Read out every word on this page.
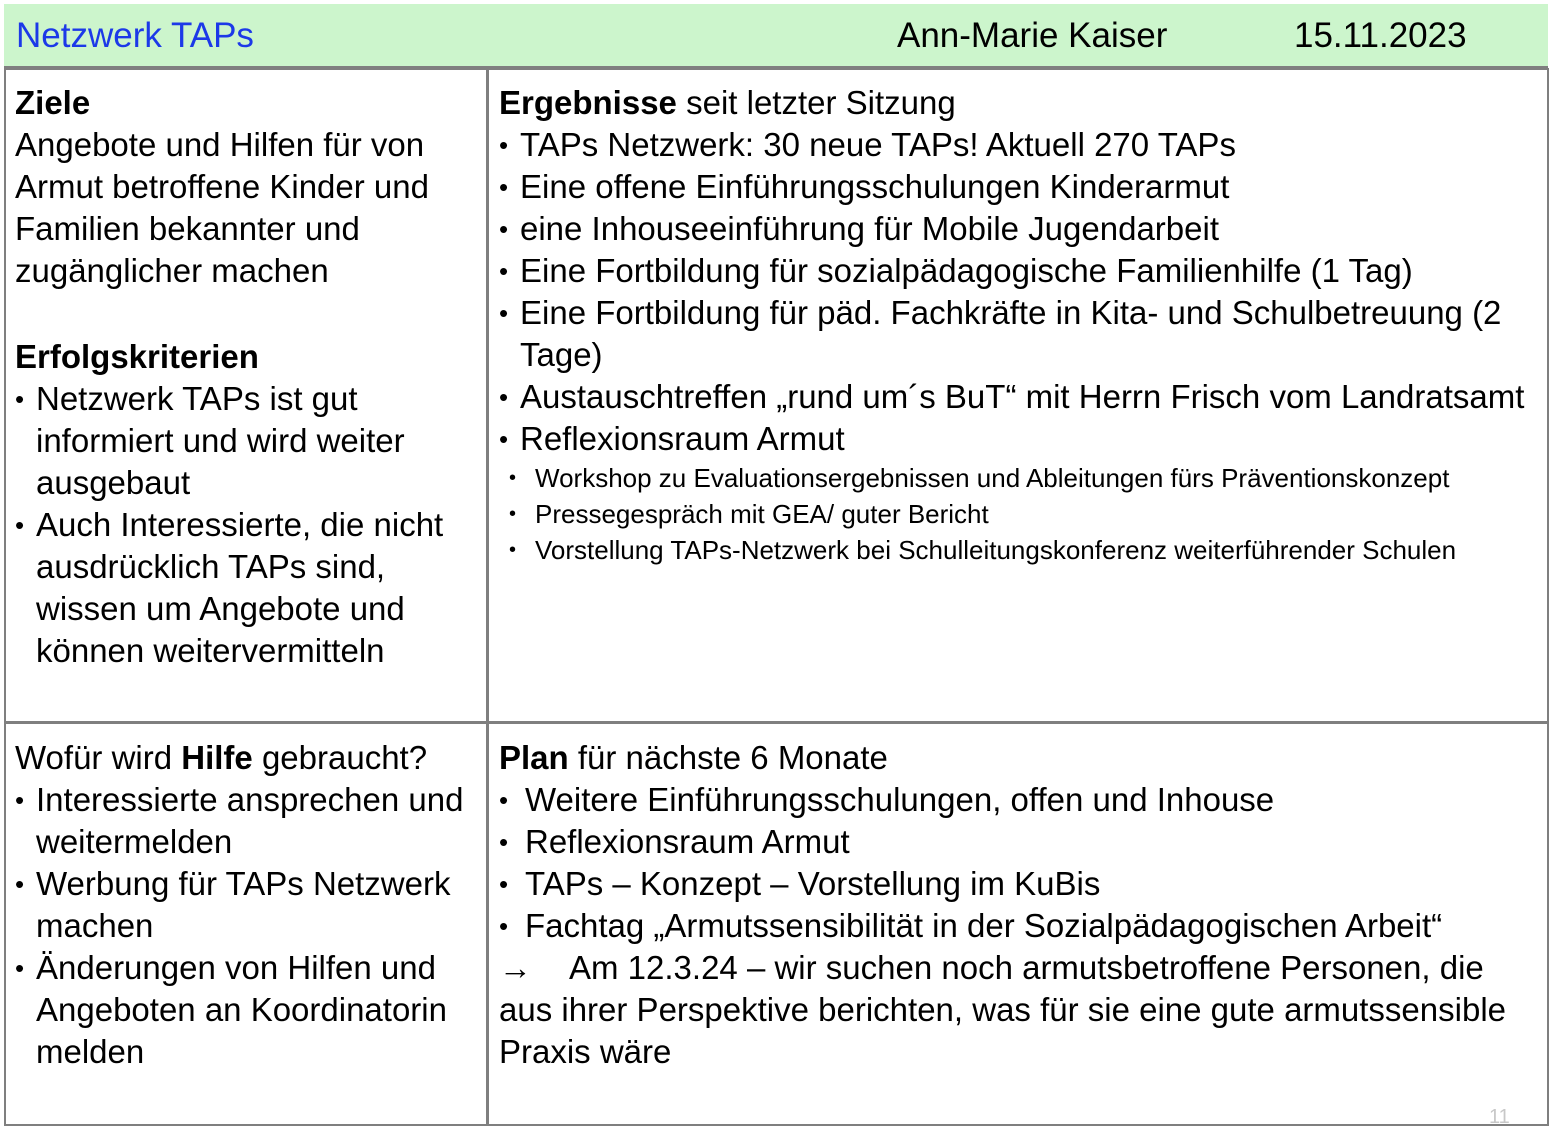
Netzwerk TAPs	Ann-Marie Kaiser	15.11.2023

Ziele

Angebote und Hilfen für von Armut betroffene Kinder und Familien bekannter und zugänglicher machen

Erfolgskriterien

• Netzwerk TAPs ist gut informiert und wird weiter ausgebaut
• Auch Interessierte, die nicht ausdrücklich TAPs sind, wissen um Angebote und können weitervermitteln

Ergebnisse seit letzter Sitzung

• TAPs Netzwerk: 30 neue TAPs! Aktuell 270 TAPs
• Eine offene Einführungsschulungen Kinderarmut
• eine Inhouseeinführung für Mobile Jugendarbeit
• Eine Fortbildung für sozialpädagogische Familienhilfe (1 Tag)
• Eine Fortbildung für päd. Fachkräfte in Kita- und Schulbetreuung (2 Tage)
• Austauschtreffen „rund um´s BuT“ mit Herrn Frisch vom Landratsamt
• Reflexionsraum Armut
• Workshop zu Evaluationsergebnissen und Ableitungen fürs Präventionskonzept
• Pressegespräch mit GEA/ guter Bericht
• Vorstellung TAPs-Netzwerk bei Schulleitungskonferenz weiterführender Schulen

Wofür wird Hilfe gebraucht?

• Interessierte ansprechen und weitermelden
• Werbung für TAPs Netzwerk machen
• Änderungen von Hilfen und Angeboten an Koordinatorin melden

Plan für nächste 6 Monate

• Weitere Einführungsschulungen, offen und Inhouse
• Reflexionsraum Armut
• TAPs – Konzept – Vorstellung im KuBis
• Fachtag „Armutssensibilität in der Sozialpädagogischen Arbeit“

→ Am 12.3.24 – wir suchen noch armutsbetroffene Personen, die aus ihrer Perspektive berichten, was für sie eine gute armutssensible Praxis wäre

11
